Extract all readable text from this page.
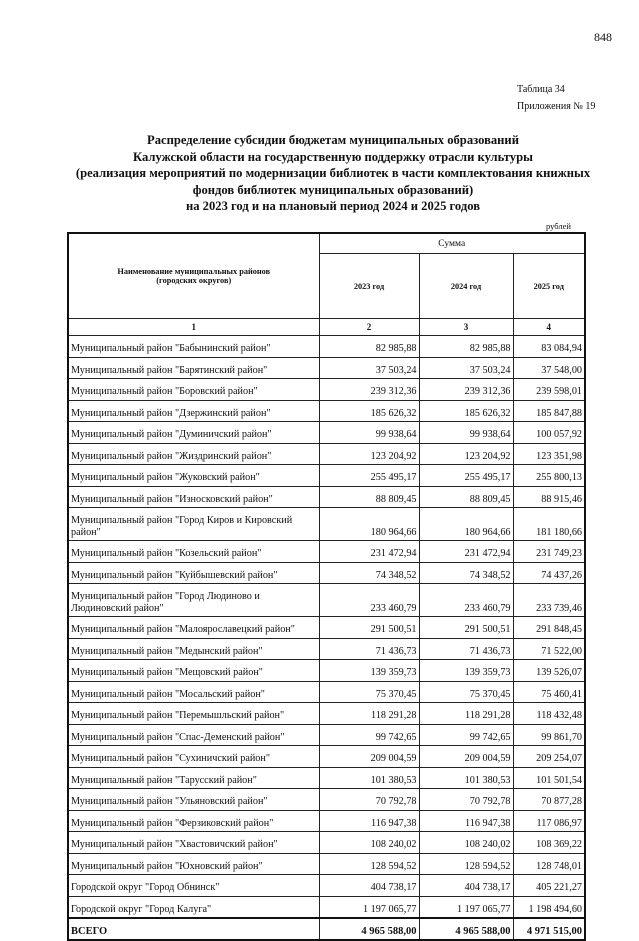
848
Таблица 34
Приложения № 19
Распределение субсидии бюджетам муниципальных образований
Калужской области на государственную поддержку отрасли культуры
(реализация мероприятий по модернизации библиотек в части комплектования книжных
фондов библиотек муниципальных образований)
на 2023 год и на плановый период 2024 и 2025 годов
рублей
Наименование муниципальных районов (городских округов)	Сумма		
	2023 год	2024 год	2025 год
1	2	3	4
Муниципальный район "Бабынинский район"	82 985,88	82 985,88	83 084,94
Муниципальный район "Барятинский район"	37 503,24	37 503,24	37 548,00
Муниципальный район "Боровский район"	239 312,36	239 312,36	239 598,01
Муниципальный район "Дзержинский район"	185 626,32	185 626,32	185 847,88
Муниципальный район "Думиничский район"	99 938,64	99 938,64	100 057,92
Муниципальный район "Жиздринский район"	123 204,92	123 204,92	123 351,98
Муниципальный район "Жуковский район"	255 495,17	255 495,17	255 800,13
Муниципальный район "Износковский район"	88 809,45	88 809,45	88 915,46
Муниципальный район "Город Киров и Кировский район"	180 964,66	180 964,66	181 180,66
Муниципальный район "Козельский район"	231 472,94	231 472,94	231 749,23
Муниципальный район "Куйбышевский район"	74 348,52	74 348,52	74 437,26
Муниципальный район "Город Людиново и Людиновский район"	233 460,79	233 460,79	233 739,46
Муниципальный район "Малоярославецкий район"	291 500,51	291 500,51	291 848,45
Муниципальный район "Медынский район"	71 436,73	71 436,73	71 522,00
Муниципальный район "Мещовский район"	139 359,73	139 359,73	139 526,07
Муниципальный район "Мосальский район"	75 370,45	75 370,45	75 460,41
Муниципальный район "Перемышльский район"	118 291,28	118 291,28	118 432,48
Муниципальный район "Спас-Деменский район"	99 742,65	99 742,65	99 861,70
Муниципальный район "Сухиничский район"	209 004,59	209 004,59	209 254,07
Муниципальный район "Тарусский район"	101 380,53	101 380,53	101 501,54
Муниципальный район "Ульяновский район"	70 792,78	70 792,78	70 877,28
Муниципальный район "Ферзиковский район"	116 947,38	116 947,38	117 086,97
Муниципальный район "Хвастовичский район"	108 240,02	108 240,02	108 369,22
Муниципальный район "Юхновский район"	128 594,52	128 594,52	128 748,01
Городской округ "Город Обнинск"	404 738,17	404 738,17	405 221,27
Городской округ "Город Калуга"	1 197 065,77	1 197 065,77	1 198 494,60
ВСЕГО	4 965 588,00	4 965 588,00	4 971 515,00
